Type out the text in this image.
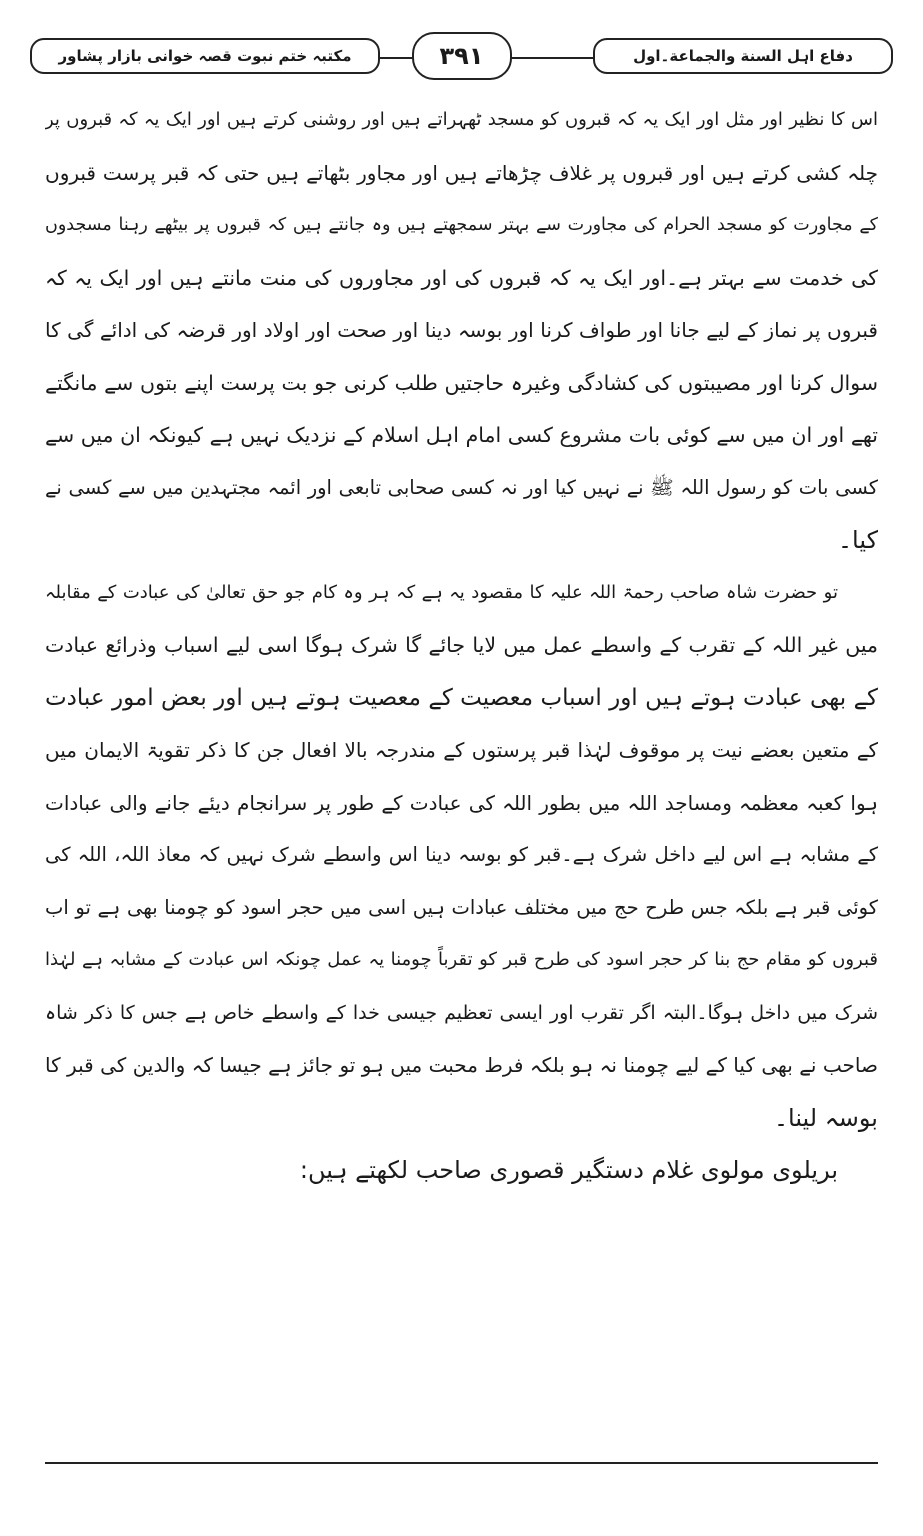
دفاع اہل السنة والجماعة۔اول
۳۹۱
مکتبہ ختم نبوت قصہ خوانی بازار پشاور
اس کا نظیر اور مثل اور ایک یہ کہ قبروں کو مسجد ٹھہراتے ہیں اور روشنی کرتے ہیں اور ایک یہ کہ قبروں پر
چلہ کشی کرتے ہیں اور قبروں پر غلاف چڑھاتے ہیں اور مجاور بٹھاتے ہیں حتی کہ قبر پرست قبروں
کے مجاورت کو مسجد الحرام کی مجاورت سے بہتر سمجھتے ہیں وہ جانتے ہیں کہ قبروں پر بیٹھے رہنا مسجدوں
کی خدمت سے بہتر ہے۔اور ایک یہ کہ قبروں کی اور مجاوروں کی منت مانتے ہیں اور ایک یہ کہ
قبروں پر نماز کے لیے جانا اور طواف کرنا اور بوسہ دینا اور صحت اور اولاد اور قرضہ کی ادائے گی کا
سوال کرنا اور مصیبتوں کی کشادگی وغیرہ حاجتیں طلب کرنی جو بت پرست اپنے بتوں سے مانگتے
تھے اور ان میں سے کوئی بات مشروع کسی امام اہل اسلام کے نزدیک نہیں ہے کیونکہ ان میں سے
کسی بات کو رسول اللہ ﷺ نے نہیں کیا اور نہ کسی صحابی تابعی اور ائمہ مجتہدین میں سے کسی نے
کیا۔
تو حضرت شاہ صاحب رحمۃ اللہ علیہ کا مقصود یہ ہے کہ ہر وہ کام جو حق تعالیٰ کی عبادت کے مقابلہ
میں غیر اللہ کے تقرب کے واسطے عمل میں لایا جائے گا شرک ہوگا اسی لیے اسباب وذرائع عبادت
کے بھی عبادت ہوتے ہیں اور اسباب معصیت کے معصیت ہوتے ہیں اور بعض امور عبادت
کے متعین بعضے نیت پر موقوف لہٰذا قبر پرستوں کے مندرجہ بالا افعال جن کا ذکر تقویۃ الایمان میں
ہوا کعبہ معظمہ ومساجد اللہ میں بطور اللہ کی عبادت کے طور پر سرانجام دیئے جانے والی عبادات
کے مشابہ ہے اس لیے داخل شرک ہے۔قبر کو بوسہ دینا اس واسطے شرک نہیں کہ معاذ اللہ، اللہ کی
کوئی قبر ہے بلکہ جس طرح حج میں مختلف عبادات ہیں اسی میں حجر اسود کو چومنا بھی ہے تو اب
قبروں کو مقام حج بنا کر حجر اسود کی طرح قبر کو تقرباً چومنا یہ عمل چونکہ اس عبادت کے مشابہ ہے لہٰذا
شرک میں داخل ہوگا۔البتہ اگر تقرب اور ایسی تعظیم جیسی خدا کے واسطے خاص ہے جس کا ذکر شاہ
صاحب نے بھی کیا کے لیے چومنا نہ ہو بلکہ فرط محبت میں ہو تو جائز ہے جیسا کہ والدین کی قبر کا
بوسہ لینا۔
بریلوی مولوی غلام دستگیر قصوری صاحب لکھتے ہیں:
